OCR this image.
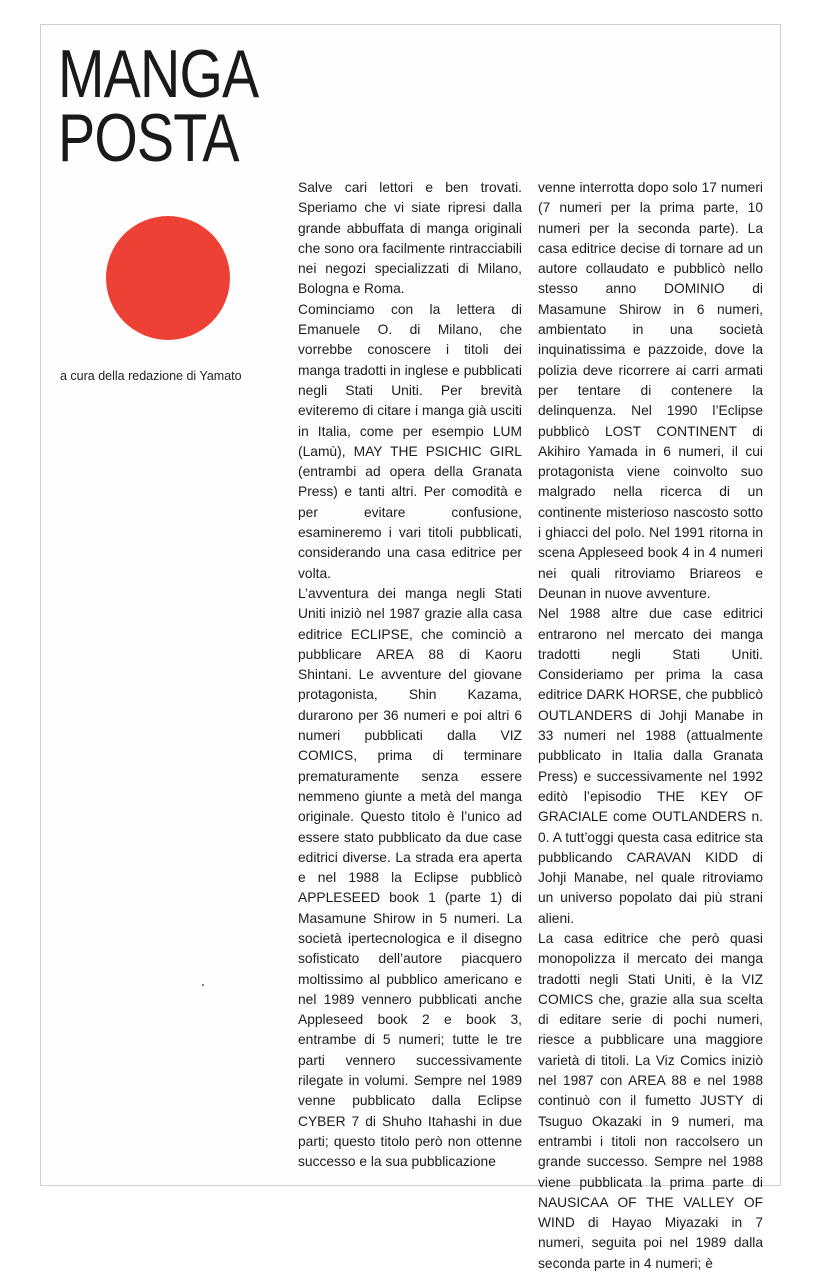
MANGA
POSTA
a cura della redazione di Yamato

Salve cari lettori e ben trovati. Speriamo che vi siate ripresi dalla grande abbuffata di manga originali che sono ora facilmente rintracciabili nei negozi specializzati di Milano, Bologna e Roma.

Cominciamo con la lettera di Emanuele O. di Milano, che vorrebbe conoscere i titoli dei manga tradotti in inglese e pubblicati negli Stati Uniti. Per brevità eviteremo di citare i manga già usciti in Italia, come per esempio LUM (Lamù), MAY THE PSICHIC GIRL (entrambi ad opera della Granata Press) e tanti altri. Per comodità e per evitare confusione, esamineremo i vari titoli pubblicati, considerando una casa editrice per volta.

L’avventura dei manga negli Stati Uniti iniziò nel 1987 grazie alla casa editrice ECLIPSE, che cominciò a pubblicare AREA 88 di Kaoru Shintani. Le avventure del giovane protagonista, Shin Kazama, durarono per 36 numeri e poi altri 6 numeri pubblicati dalla VIZ COMICS, prima di terminare prematuramente senza essere nemmeno giunte a metà del manga originale. Questo titolo è l’unico ad essere stato pubblicato da due case editrici diverse. La strada era aperta e nel 1988 la Eclipse pubblicò APPLESEED book 1 (parte 1) di Masamune Shirow in 5 numeri. La società ipertecnologica e il disegno sofisticato dell’autore piacquero moltissimo al pubblico americano e nel 1989 vennero pubblicati anche Appleseed book 2 e book 3, entrambe di 5 numeri; tutte le tre parti vennero successivamente rilegate in volumi. Sempre nel 1989 venne pubblicato dalla Eclipse CYBER 7 di Shuho Itahashi in due parti; questo titolo però non ottenne successo e la sua pubblicazione

venne interrotta dopo solo 17 numeri (7 numeri per la prima parte, 10 numeri per la seconda parte). La casa editrice decise di tornare ad un autore collaudato e pubblicò nello stesso anno DOMINIO di Masamune Shirow in 6 numeri, ambientato in una società inquinatissima e pazzoide, dove la polizia deve ricorrere ai carri armati per tentare di contenere la delinquenza. Nel 1990 l’Eclipse pubblicò LOST CONTINENT di Akihiro Yamada in 6 numeri, il cui protagonista viene coinvolto suo malgrado nella ricerca di un continente misterioso nascosto sotto i ghiacci del polo. Nel 1991 ritorna in scena Appleseed book 4 in 4 numeri nei quali ritroviamo Briareos e Deunan in nuove avventure.

Nel 1988 altre due case editrici entrarono nel mercato dei manga tradotti negli Stati Uniti. Consideriamo per prima la casa editrice DARK HORSE, che pubblicò OUTLANDERS di Johji Manabe in 33 numeri nel 1988 (attualmente pubblicato in Italia dalla Granata Press) e successivamente nel 1992 editò l’episodio THE KEY OF GRACIALE come OUTLANDERS n. 0. A tutt’oggi questa casa editrice sta pubblicando CARAVAN KIDD di Johji Manabe, nel quale ritroviamo un universo popolato dai più strani alieni.

La casa editrice che però quasi monopolizza il mercato dei manga tradotti negli Stati Uniti, è la VIZ COMICS che, grazie alla sua scelta di editare serie di pochi numeri, riesce a pubblicare una maggiore varietà di titoli. La Viz Comics iniziò nel 1987 con AREA 88 e nel 1988 continuò con il fumetto JUSTY di Tsuguo Okazaki in 9 numeri, ma entrambi i titoli non raccolsero un grande successo. Sempre nel 1988 viene pubblicata la prima parte di NAUSICAA OF THE VALLEY OF WIND di Hayao Miyazaki in 7 numeri, seguita poi nel 1989 dalla seconda parte in 4 numeri; è
